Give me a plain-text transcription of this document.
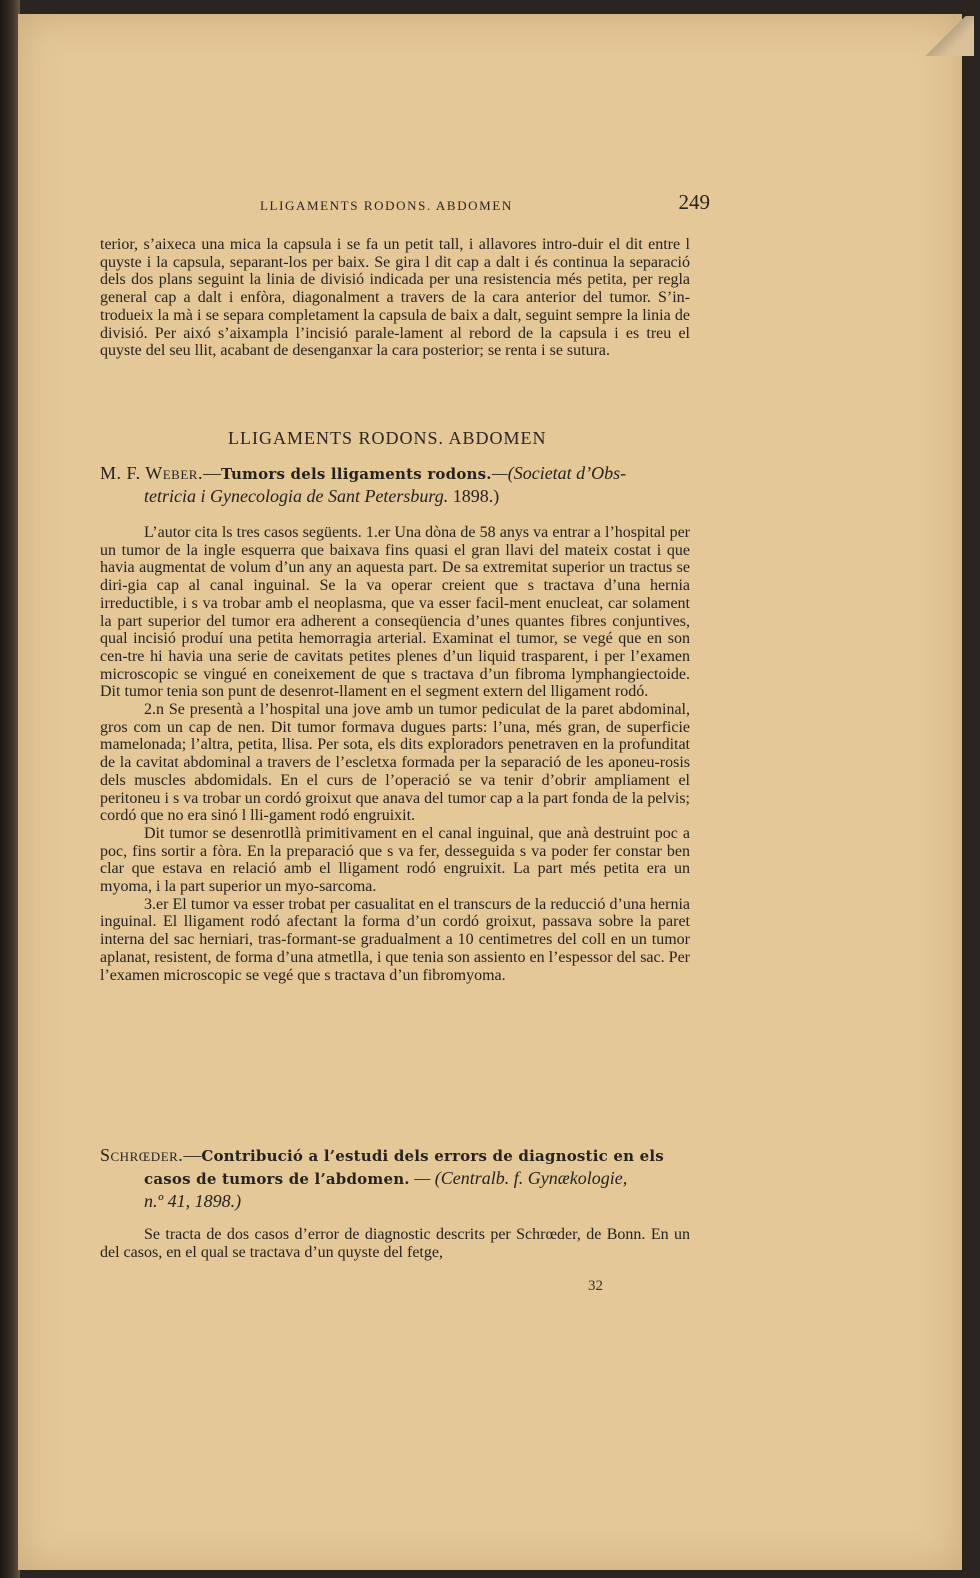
LLIGAMENTS RODONS. ABDOMEN	249
terior, s’aixeca una mica la capsula i se fa un petit tall, i allavores intro-duir el dit entre l quyste i la capsula, separant-los per baix. Se gira l dit cap a dalt i és continua la separació dels dos plans seguint la linia de divisió indicada per una resistencia més petita, per regla general cap a dalt i enfòra, diagonalment a travers de la cara anterior del tumor. S’in-trodueix la mà i se separa completament la capsula de baix a dalt, seguint sempre la linia de divisió. Per aixó s’aixampla l’incisió parale-lament al rebord de la capsula i es treu el quyste del seu llit, acabant de desenganxar la cara posterior; se renta i se sutura.
LLIGAMENTS RODONS. ABDOMEN
M. F. Weber.—Tumors dels lligaments rodons.—(Societat d’Obs-
tetricia i Gynecologia de Sant Petersburg. 1898.)
L’autor cita ls tres casos següents. 1.er Una dòna de 58 anys va entrar a l’hospital per un tumor de la ingle esquerra que baixava fins quasi el gran llavi del mateix costat i que havia augmentat de volum d’un any an aquesta part. De sa extremitat superior un tractus se diri-gia cap al canal inguinal. Se la va operar creient que s tractava d’una hernia irreductible, i s va trobar amb el neoplasma, que va esser facil-ment enucleat, car solament la part superior del tumor era adherent a conseqüencia d’unes quantes fibres conjuntives, qual incisió produí una petita hemorragia arterial. Examinat el tumor, se vegé que en son cen-tre hi havia una serie de cavitats petites plenes d’un liquid trasparent, i per l’examen microscopic se vingué en coneixement de que s tractava d’un fibroma lymphangiectoide. Dit tumor tenia son punt de desenrot-llament en el segment extern del lligament rodó.
2.n Se presentà a l’hospital una jove amb un tumor pediculat de la paret abdominal, gros com un cap de nen. Dit tumor formava dugues parts: l’una, més gran, de superficie mamelonada; l’altra, petita, llisa. Per sota, els dits exploradors penetraven en la profunditat de la cavitat abdominal a travers de l’escletxa formada per la separació de les aponeu-rosis dels muscles abdomidals. En el curs de l’operació se va tenir d’obrir ampliament el peritoneu i s va trobar un cordó groixut que anava del tumor cap a la part fonda de la pelvis; cordó que no era sinó l lli-gament rodó engruixit.
Dit tumor se desenrotllà primitivament en el canal inguinal, que anà destruint poc a poc, fins sortir a fòra. En la preparació que s va fer, desseguida s va poder fer constar ben clar que estava en relació amb el lligament rodó engruixit. La part més petita era un myoma, i la part superior un myo-sarcoma.
3.er El tumor va esser trobat per casualitat en el transcurs de la reducció d’una hernia inguinal. El lligament rodó afectant la forma d’un cordó groixut, passava sobre la paret interna del sac herniari, tras-formant-se gradualment a 10 centimetres del coll en un tumor aplanat, resistent, de forma d’una atmetlla, i que tenia son assiento en l’espessor del sac. Per l’examen microscopic se vegé que s tractava d’un fibromyoma.
Schrœder.—Contribució a l’estudi dels errors de diagnostic en els
casos de tumors de l’abdomen. — (Centralb. f. Gynækologie,
n.º 41, 1898.)
Se tracta de dos casos d’error de diagnostic descrits per Schrœder, de Bonn. En un del casos, en el qual se tractava d’un quyste del fetge,
32
